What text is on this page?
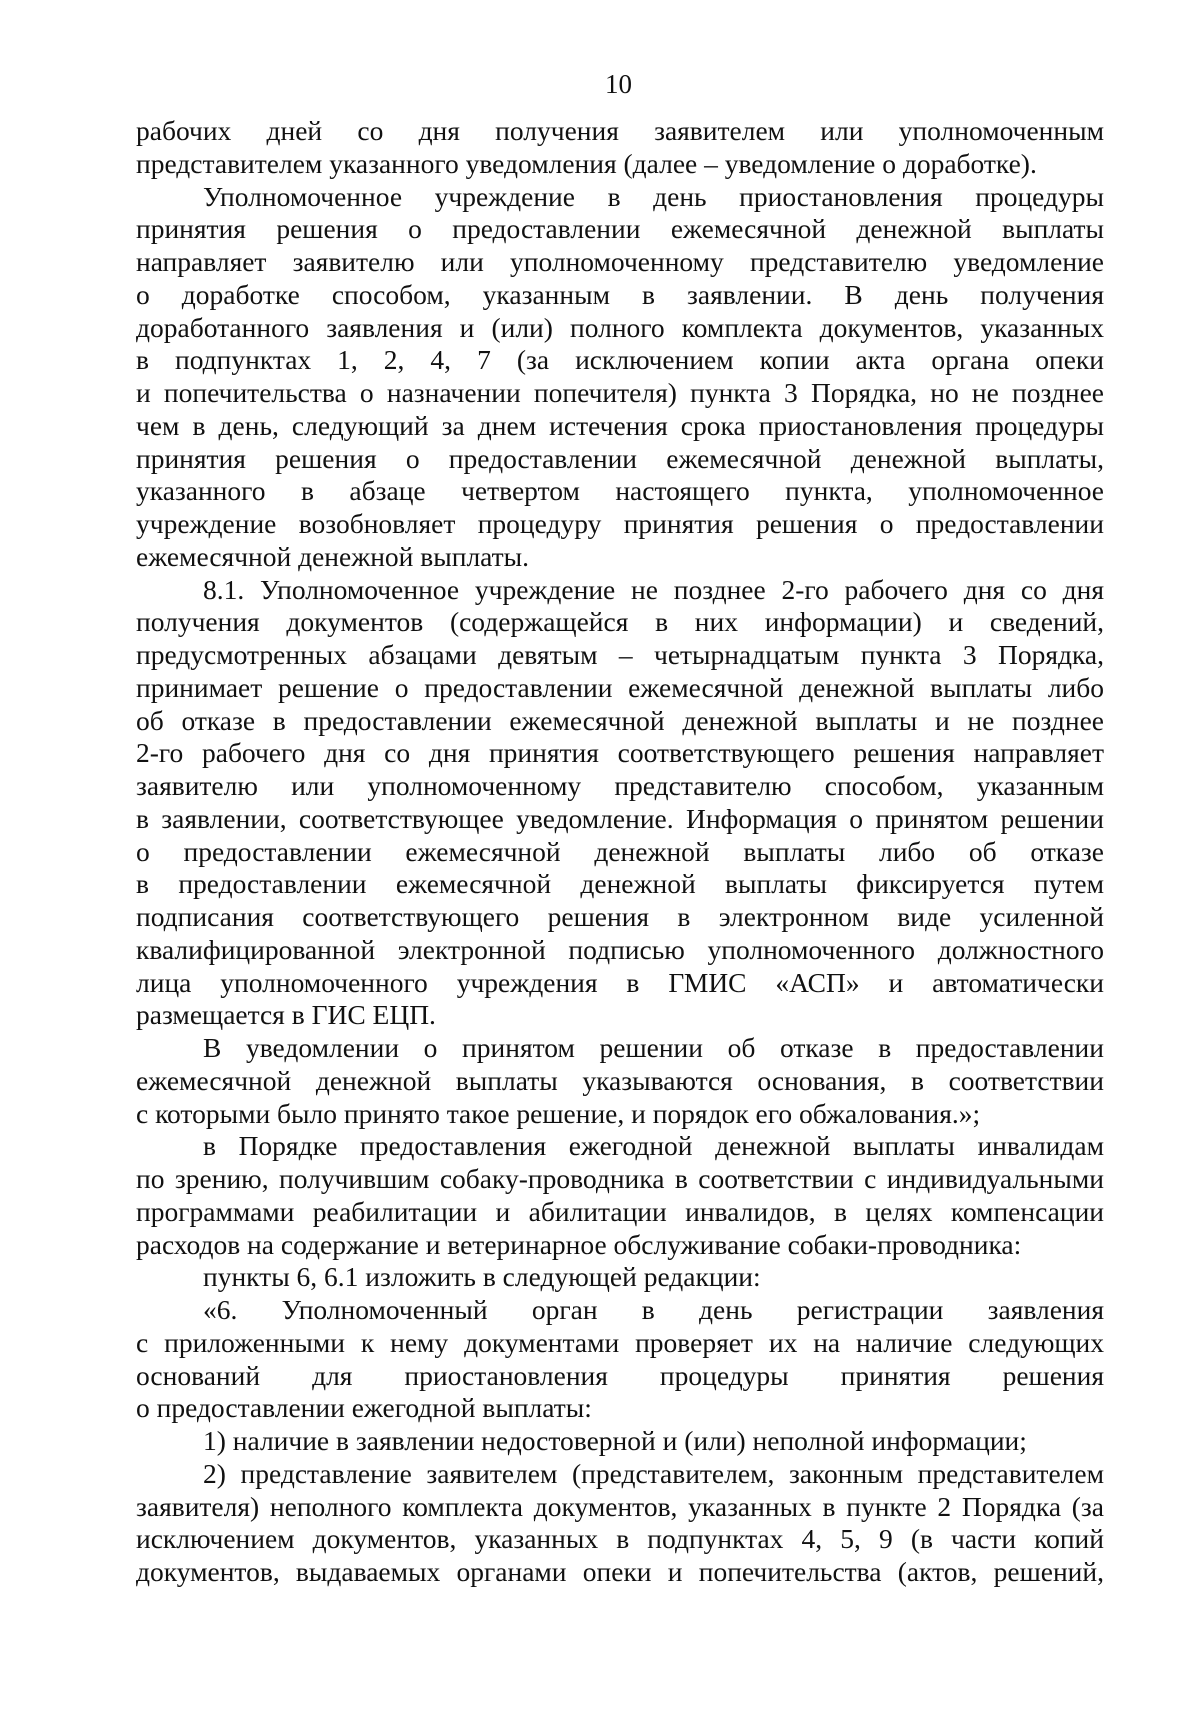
10
рабочих дней со дня получения заявителем или уполномоченным
представителем указанного уведомления (далее – уведомление о доработке).
Уполномоченное учреждение в день приостановления процедуры
принятия решения о предоставлении ежемесячной денежной выплаты
направляет заявителю или уполномоченному представителю уведомление
о доработке способом, указанным в заявлении. В день получения
доработанного заявления и (или) полного комплекта документов, указанных
в подпунктах 1, 2, 4, 7 (за исключением копии акта органа опеки
и попечительства о назначении попечителя) пункта 3 Порядка, но не позднее
чем в день, следующий за днем истечения срока приостановления процедуры
принятия решения о предоставлении ежемесячной денежной выплаты,
указанного в абзаце четвертом настоящего пункта, уполномоченное
учреждение возобновляет процедуру принятия решения о предоставлении
ежемесячной денежной выплаты.
8.1. Уполномоченное учреждение не позднее 2-го рабочего дня со дня
получения документов (содержащейся в них информации) и сведений,
предусмотренных абзацами девятым – четырнадцатым пункта 3 Порядка,
принимает решение о предоставлении ежемесячной денежной выплаты либо
об отказе в предоставлении ежемесячной денежной выплаты и не позднее
2-го рабочего дня со дня принятия соответствующего решения направляет
заявителю или уполномоченному представителю способом, указанным
в заявлении, соответствующее уведомление. Информация о принятом решении
о предоставлении ежемесячной денежной выплаты либо об отказе
в предоставлении ежемесячной денежной выплаты фиксируется путем
подписания соответствующего решения в электронном виде усиленной
квалифицированной электронной подписью уполномоченного должностного
лица уполномоченного учреждения в ГМИС «АСП» и автоматически
размещается в ГИС ЕЦП.
В уведомлении о принятом решении об отказе в предоставлении
ежемесячной денежной выплаты указываются основания, в соответствии
с которыми было принято такое решение, и порядок его обжалования.»;
в Порядке предоставления ежегодной денежной выплаты инвалидам
по зрению, получившим собаку-проводника в соответствии с индивидуальными
программами реабилитации и абилитации инвалидов, в целях компенсации
расходов на содержание и ветеринарное обслуживание собаки-проводника:
пункты 6, 6.1 изложить в следующей редакции:
«6. Уполномоченный орган в день регистрации заявления
с приложенными к нему документами проверяет их на наличие следующих
оснований для приостановления процедуры принятия решения
о предоставлении ежегодной выплаты:
1) наличие в заявлении недостоверной и (или) неполной информации;
2) представление заявителем (представителем, законным представителем
заявителя) неполного комплекта документов, указанных в пункте 2 Порядка (за
исключением документов, указанных в подпунктах 4, 5, 9 (в части копий
документов, выдаваемых органами опеки и попечительства (актов, решений,
